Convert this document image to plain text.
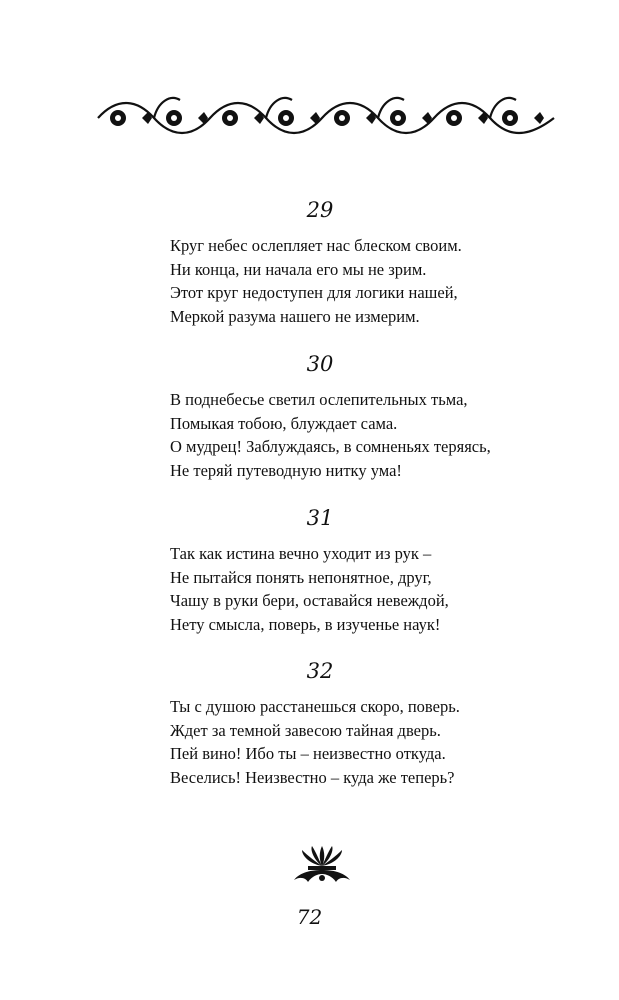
29

Круг небес ослепляет нас блеском своим.

Ни конца, ни начала его мы не зрим.

Этот круг недоступен для логики нашей,

Меркой разума нашего не измерим.

30

В поднебесье светил ослепительных тьма,

Помыкая тобою, блуждает сама.

О мудрец! Заблуждаясь, в сомненьях теряясь,

Не теряй путеводную нитку ума!

31

Так как истина вечно уходит из рук –

Не пытайся понять непонятное, друг,

Чашу в руки бери, оставайся невеждой,

Нету смысла, поверь, в изученье наук!

32

Ты с душою расстанешься скоро, поверь.

Ждет за темной завесою тайная дверь.

Пей вино! Ибо ты – неизвестно откуда.

Веселись! Неизвестно – куда же теперь?

72
